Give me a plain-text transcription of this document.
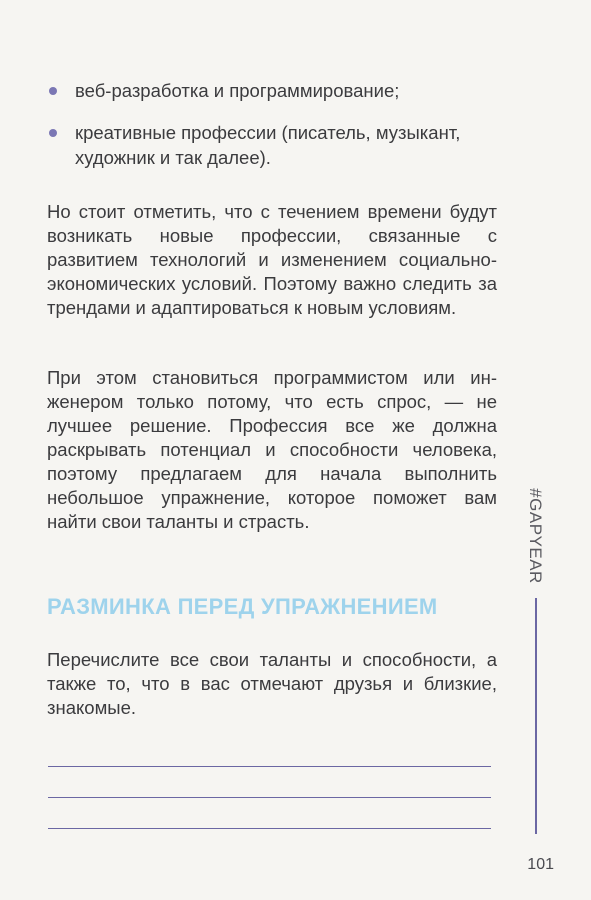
веб-разработка и программирование;
креативные профессии (писатель, музыкант, художник и так далее).

Но стоит отметить, что с течением времени будут возникать новые профессии, связанные с развитием технологий и изменением социально-экономических условий. Поэтому важно следить за трендами и адаптироваться к новым условиям.

При этом становиться программистом или инженером только потому, что есть спрос, — не лучшее решение. Профессия все же должна раскрывать потенциал и способности человека, поэтому предлагаем для начала выполнить небольшое упражнение, которое поможет вам найти свои таланты и страсть.

РАЗМИНКА ПЕРЕД УПРАЖНЕНИЕМ

Перечислите все свои таланты и способности, а также то, что в вас отмечают друзья и близкие, знакомые.

#GAPYEAR
101
